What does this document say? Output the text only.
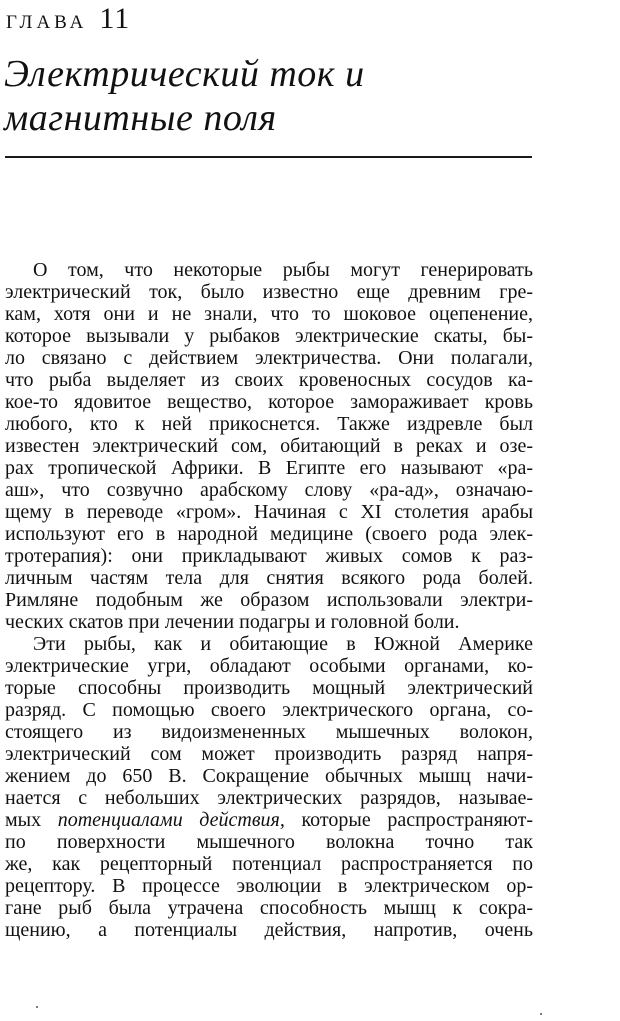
ГЛАВА 11
Электрический ток и магнитные поля
О том, что некоторые рыбы могут генерировать
электрический ток, было известно еще древним гре-
кам, хотя они и не знали, что то шоковое оцепенение,
которое вызывали у рыбаков электрические скаты, бы-
ло связано с действием электричества. Они полагали,
что рыба выделяет из своих кровеносных сосудов ка-
кое-то ядовитое вещество, которое замораживает кровь
любого, кто к ней прикоснется. Также издревле был
известен электрический сом, обитающий в реках и озе-
рах тропической Африки. В Египте его называют «ра-
аш», что созвучно арабскому слову «ра-ад», означаю-
щему в переводе «гром». Начиная с XI столетия арабы
используют его в народной медицине (своего рода элек-
тротерапия): они прикладывают живых сомов к раз-
личным частям тела для снятия всякого рода болей.
Римляне подобным же образом использовали электри-
ческих скатов при лечении подагры и головной боли.
Эти рыбы, как и обитающие в Южной Америке
электрические угри, обладают особыми органами, ко-
торые способны производить мощный электрический
разряд. С помощью своего электрического органа, со-
стоящего из видоизмененных мышечных волокон,
электрический сом может производить разряд напря-
жением до 650 В. Сокращение обычных мышц начи-
нается с небольших электрических разрядов, называе-
мых потенциалами действия, которые распространяют-
по поверхности мышечного волокна точно так
же, как рецепторный потенциал распространяется по
рецептору. В процессе эволюции в электрическом ор-
гане рыб была утрачена способность мышц к сокра-
щению, а потенциалы действия, напротив, очень
